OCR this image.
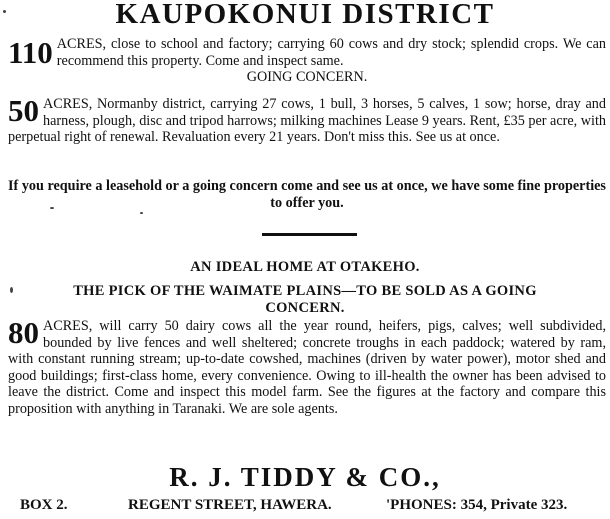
KAUPOKONUI DISTRICT
110 ACRES, close to school and factory; carrying 60 cows and dry stock; splendid crops. We can recommend this property. Come and inspect same.

GOING CONCERN.

50 ACRES, Normanby district, carrying 27 cows, 1 bull, 3 horses, 5 calves, 1 sow; horse, dray and harness, plough, disc and tripod harrows; milking machines Lease 9 years. Rent, £35 per acre, with perpetual right of renewal. Revaluation every 21 years. Don't miss this. See us at once.

If you require a leasehold or a going concern come and see us at once, we have some fine properties to offer you.
AN IDEAL HOME AT OTAKEHO.
THE PICK OF THE WAIMATE PLAINS—TO BE SOLD AS A GOING CONCERN.
80 ACRES, will carry 50 dairy cows all the year round, heifers, pigs, calves; well subdivided, bounded by live fences and well sheltered; concrete troughs in each paddock; watered by ram, with constant running stream; up-to-date cowshed, machines (driven by water power), motor shed and good buildings; first-class home, every convenience. Owing to ill-health the owner has been advised to leave the district. Come and inspect this model farm. See the figures at the factory and compare this proposition with anything in Taranaki. We are sole agents.

R. J. TIDDY & CO.,
BOX 2.	REGENT STREET, HAWERA.	'PHONES: 354, Private 323.
